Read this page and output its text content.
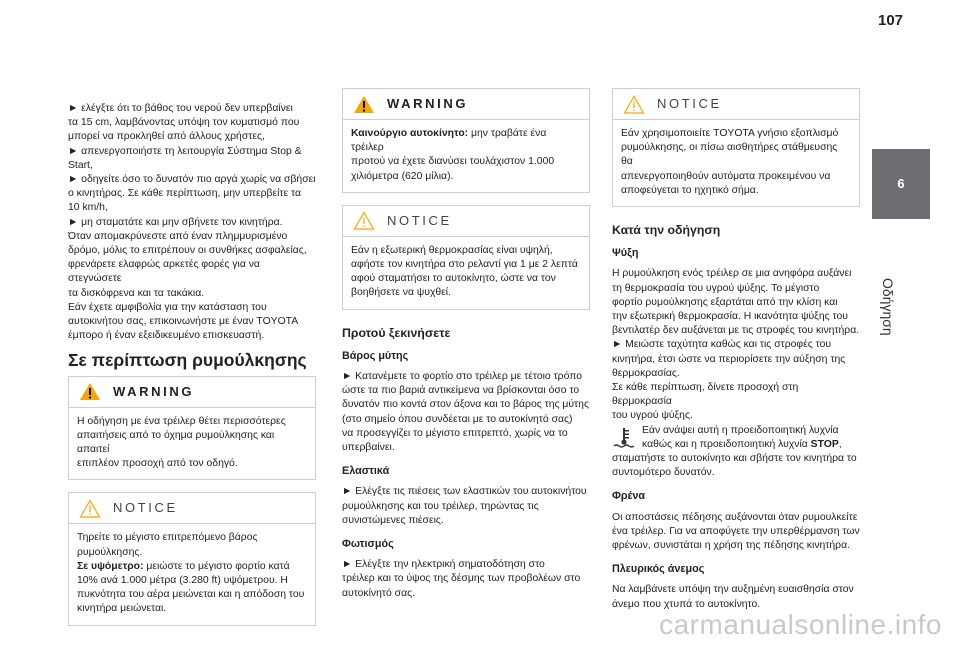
107
6
Οδήγηση

► ελέγξτε ότι το βάθος του νερού δεν υπερβαίνει

τα 15 cm, λαμβάνοντας υπόψη τον κυματισμό που

μπορεί να προκληθεί από άλλους χρήστες,

► απενεργοποιήστε τη λειτουργία Σύστημα Stop &

Start,

► οδηγείτε όσο το δυνατόν πιο αργά χωρίς να σβήσει

ο κινητήρας. Σε κάθε περίπτωση, μην υπερβείτε τα

10 km/h,

► μη σταματάτε και μην σβήνετε τον κινητήρα.

Όταν απομακρύνεστε από έναν πλημμυρισμένο

δρόμο, μόλις το επιτρέπουν οι συνθήκες ασφαλείας,

φρενάρετε ελαφρώς αρκετές φορές για να στεγνώσετε

τα δισκόφρενα και τα τακάκια.

Εάν έχετε αμφιβολία για την κατάσταση του

αυτοκινήτου σας, επικοινωνήστε με έναν TOYOTA

έμπορο ή έναν εξειδικευμένο επισκευαστή.

Σε περίπτωση ρυμούλκησης
WARNING

Η οδήγηση με ένα τρέιλερ θέτει περισσότερες

απαιτήσεις από το όχημα ρυμούλκησης και απαιτεί

επιπλέον προσοχή από τον οδηγό.

NOTICE

Τηρείτε το μέγιστο επιτρεπόμενο βάρος

ρυμούλκησης.

Σε υψόμετρο: μειώστε το μέγιστο φορτίο κατά

10% ανά 1.000 μέτρα (3.280 ft) υψόμετρου. Η

πυκνότητα του αέρα μειώνεται και η απόδοση του

κινητήρα μειώνεται.

WARNING

Καινούργιο αυτοκίνητο: μην τραβάτε ένα τρέιλερ

προτού να έχετε διανύσει τουλάχιστον 1.000

χιλιόμετρα (620 μίλια).

NOTICE

Εάν η εξωτερική θερμοκρασίας είναι υψηλή,

αφήστε τον κινητήρα στο ρελαντί για 1 με 2 λεπτά

αφού σταματήσει το αυτοκίνητο, ώστε να τον

βοηθήσετε να ψυχθεί.

Προτού ξεκινήσετε
Βάρος μύτης

► Κατανέμετε το φορτίο στο τρέιλερ με τέτοιο τρόπο

ώστε τα πιο βαριά αντικείμενα να βρίσκονται όσο το

δυνατόν πιο κοντά στον άξονα και το βάρος της μύτης

(στο σημείο όπου συνδέεται με το αυτοκίνητό σας)

να προσεγγίζει το μέγιστο επιτρεπτό, χωρίς να το

υπερβαίνει.

Ελαστικά

► Ελέγξτε τις πιέσεις των ελαστικών του αυτοκινήτου

ρυμούλκησης και του τρέιλερ, τηρώντας τις

συνιστώμενες πιέσεις.

Φωτισμός

► Ελέγξτε την ηλεκτρική σηματοδότηση στο

τρέιλερ και το ύψος της δέσμης των προβολέων στο

αυτοκίνητό σας.

NOTICE

Εάν χρησιμοποιείτε TOYOTA γνήσιο εξοπλισμό

ρυμούλκησης, οι πίσω αισθητήρες στάθμευσης θα

απενεργοποιηθούν αυτόματα προκειμένου να

αποφεύγεται το ηχητικό σήμα.

Κατά την οδήγηση
Ψύξη

Η ρυμούλκηση ενός τρέιλερ σε μια ανηφόρα αυξάνει

τη θερμοκρασία του υγρού ψύξης. Το μέγιστο

φορτίο ρυμούλκησης εξαρτάται από την κλίση και

την εξωτερική θερμοκρασία. Η ικανότητα ψύξης του

βεντιλατέρ δεν αυξάνεται με τις στροφές του κινητήρα.

► Μειώστε ταχύτητα καθώς και τις στροφές του

κινητήρα, έτσι ώστε να περιορίσετε την αύξηση της

θερμοκρασίας.

Σε κάθε περίπτωση, δίνετε προσοχή στη θερμοκρασία

του υγρού ψύξης.

Εάν ανάψει αυτή η προειδοποιητική λυχνία

καθώς και η προειδοποιητική λυχνία STOP,

σταματήστε το αυτοκίνητο και σβήστε τον κινητήρα το

συντομότερο δυνατόν.

Φρένα

Οι αποστάσεις πέδησης αυξάνονται όταν ρυμουλκείτε

ένα τρέιλερ. Για να αποφύγετε την υπερθέρμανση των

φρένων, συνιστάται η χρήση της πέδησης κινητήρα.

Πλευρικός άνεμος

Να λαμβάνετε υπόψη την αυξημένη ευαισθησία στον

άνεμο που χτυπά το αυτοκίνητο.

carmanualsonline.info
